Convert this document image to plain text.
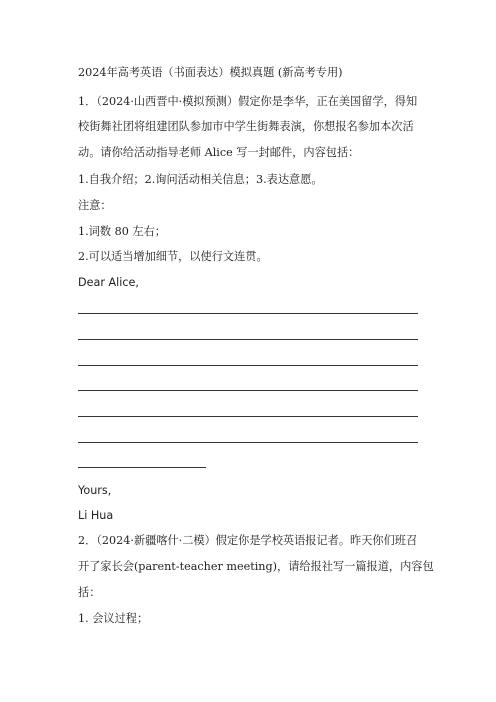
2024年高考英语（书面表达）模拟真题 (新高考专用)
1．（2024·山西晋中·模拟预测）假定你是李华，正在美国留学，得知
校街舞社团将组建团队参加市中学生街舞表演，你想报名参加本次活
动。请你给活动指导老师 Alice 写一封邮件，内容包括：
1.自我介绍；2.询问活动相关信息；3.表达意愿。
注意：
1.词数 80 左右；
2.可以适当增加细节，以使行文连贯。
Dear Alice,
Yours,
Li Hua
2．（2024·新疆喀什·二模）假定你是学校英语报记者。昨天你们班召
开了家长会(parent-teacher meeting)，请给报社写一篇报道，内容包
括：
1. 会议过程；
